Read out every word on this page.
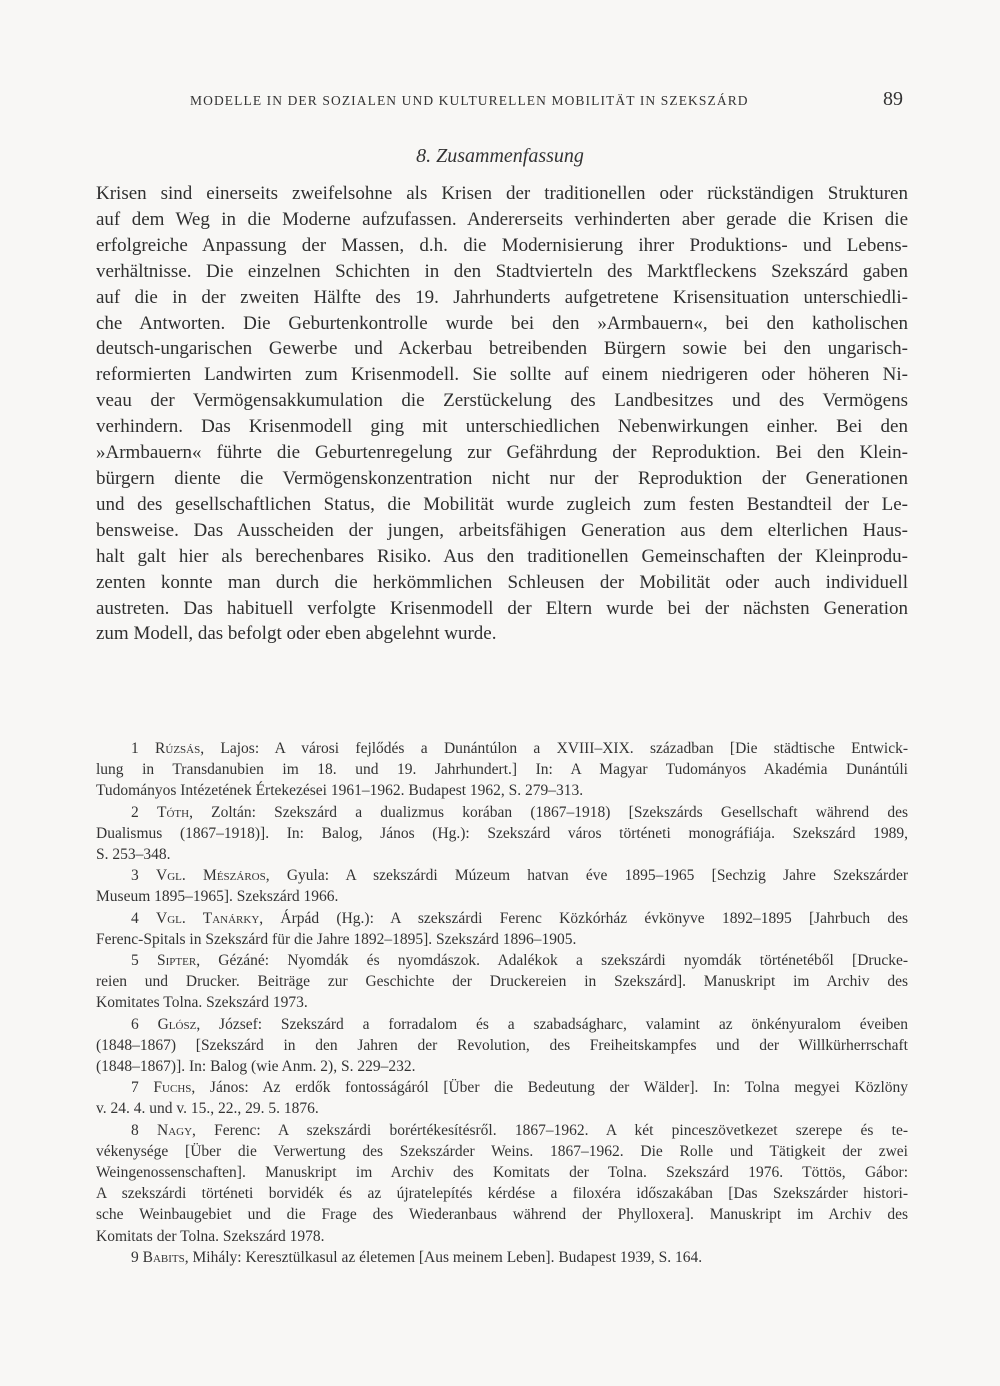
MODELLE IN DER SOZIALEN UND KULTURELLEN MOBILITÄT IN SZEKSZÁRD	89
8. Zusammenfassung
Krisen sind einerseits zweifelsohne als Krisen der traditionellen oder rückständigen Strukturen
auf dem Weg in die Moderne aufzufassen. Andererseits verhinderten aber gerade die Krisen die
erfolgreiche Anpassung der Massen, d.h. die Modernisierung ihrer Produktions- und Lebens-
verhältnisse. Die einzelnen Schichten in den Stadtvierteln des Marktfleckens Szekszárd gaben
auf die in der zweiten Hälfte des 19. Jahrhunderts aufgetretene Krisensituation unterschiedli-
che Antworten. Die Geburtenkontrolle wurde bei den »Armbauern«, bei den katholischen
deutsch-ungarischen Gewerbe und Ackerbau betreibenden Bürgern sowie bei den ungarisch-
reformierten Landwirten zum Krisenmodell. Sie sollte auf einem niedrigeren oder höheren Ni-
veau der Vermögensakkumulation die Zerstückelung des Landbesitzes und des Vermögens
verhindern. Das Krisenmodell ging mit unterschiedlichen Nebenwirkungen einher. Bei den
»Armbauern« führte die Geburtenregelung zur Gefährdung der Reproduktion. Bei den Klein-
bürgern diente die Vermögenskonzentration nicht nur der Reproduktion der Generationen
und des gesellschaftlichen Status, die Mobilität wurde zugleich zum festen Bestandteil der Le-
bensweise. Das Ausscheiden der jungen, arbeitsfähigen Generation aus dem elterlichen Haus-
halt galt hier als berechenbares Risiko. Aus den traditionellen Gemeinschaften der Kleinprodu-
zenten konnte man durch die herkömmlichen Schleusen der Mobilität oder auch individuell
austreten. Das habituell verfolgte Krisenmodell der Eltern wurde bei der nächsten Generation
zum Modell, das befolgt oder eben abgelehnt wurde.
1 Rúzsás, Lajos: A városi fejlődés a Dunántúlon a XVIII–XIX. században [Die städtische Entwick-
lung in Transdanubien im 18. und 19. Jahrhundert.] In: A Magyar Tudományos Akadémia Dunántúli
Tudományos Intézetének Értekezései 1961–1962. Budapest 1962, S. 279–313.
2 Tóth, Zoltán: Szekszárd a dualizmus korában (1867–1918) [Szekszárds Gesellschaft während des
Dualismus (1867–1918)]. In: Balog, János (Hg.): Szekszárd város történeti monográfiája. Szekszárd 1989,
S. 253–348.
3 Vgl. Mészáros, Gyula: A szekszárdi Múzeum hatvan éve 1895–1965 [Sechzig Jahre Szekszárder
Museum 1895–1965]. Szekszárd 1966.
4 Vgl. Tanárky, Árpád (Hg.): A szekszárdi Ferenc Közkórház évkönyve 1892–1895 [Jahrbuch des
Ferenc-Spitals in Szekszárd für die Jahre 1892–1895]. Szekszárd 1896–1905.
5 Sipter, Gézáné: Nyomdák és nyomdászok. Adalékok a szekszárdi nyomdák történetéből [Drucke-
reien und Drucker. Beiträge zur Geschichte der Druckereien in Szekszárd]. Manuskript im Archiv des
Komitates Tolna. Szekszárd 1973.
6 Glósz, József: Szekszárd a forradalom és a szabadságharc, valamint az önkényuralom éveiben
(1848–1867) [Szekszárd in den Jahren der Revolution, des Freiheitskampfes und der Willkürherrschaft
(1848–1867)]. In: Balog (wie Anm. 2), S. 229–232.
7 Fuchs, János: Az erdők fontosságáról [Über die Bedeutung der Wälder]. In: Tolna megyei Közlöny
v. 24. 4. und v. 15., 22., 29. 5. 1876.
8 Nagy, Ferenc: A szekszárdi borértékesítésről. 1867–1962. A két pinceszövetkezet szerepe és te-
vékenysége [Über die Verwertung des Szekszárder Weins. 1867–1962. Die Rolle und Tätigkeit der zwei
Weingenossenschaften]. Manuskript im Archiv des Komitats der Tolna. Szekszárd 1976. Töttös, Gábor:
A szekszárdi történeti borvidék és az újratelepítés kérdése a filoxéra időszakában [Das Szekszárder histori-
sche Weinbaugebiet und die Frage des Wiederanbaus während der Phylloxera]. Manuskript im Archiv des
Komitats der Tolna. Szekszárd 1978.
9 Babits, Mihály: Keresztülkasul az életemen [Aus meinem Leben]. Budapest 1939, S. 164.
